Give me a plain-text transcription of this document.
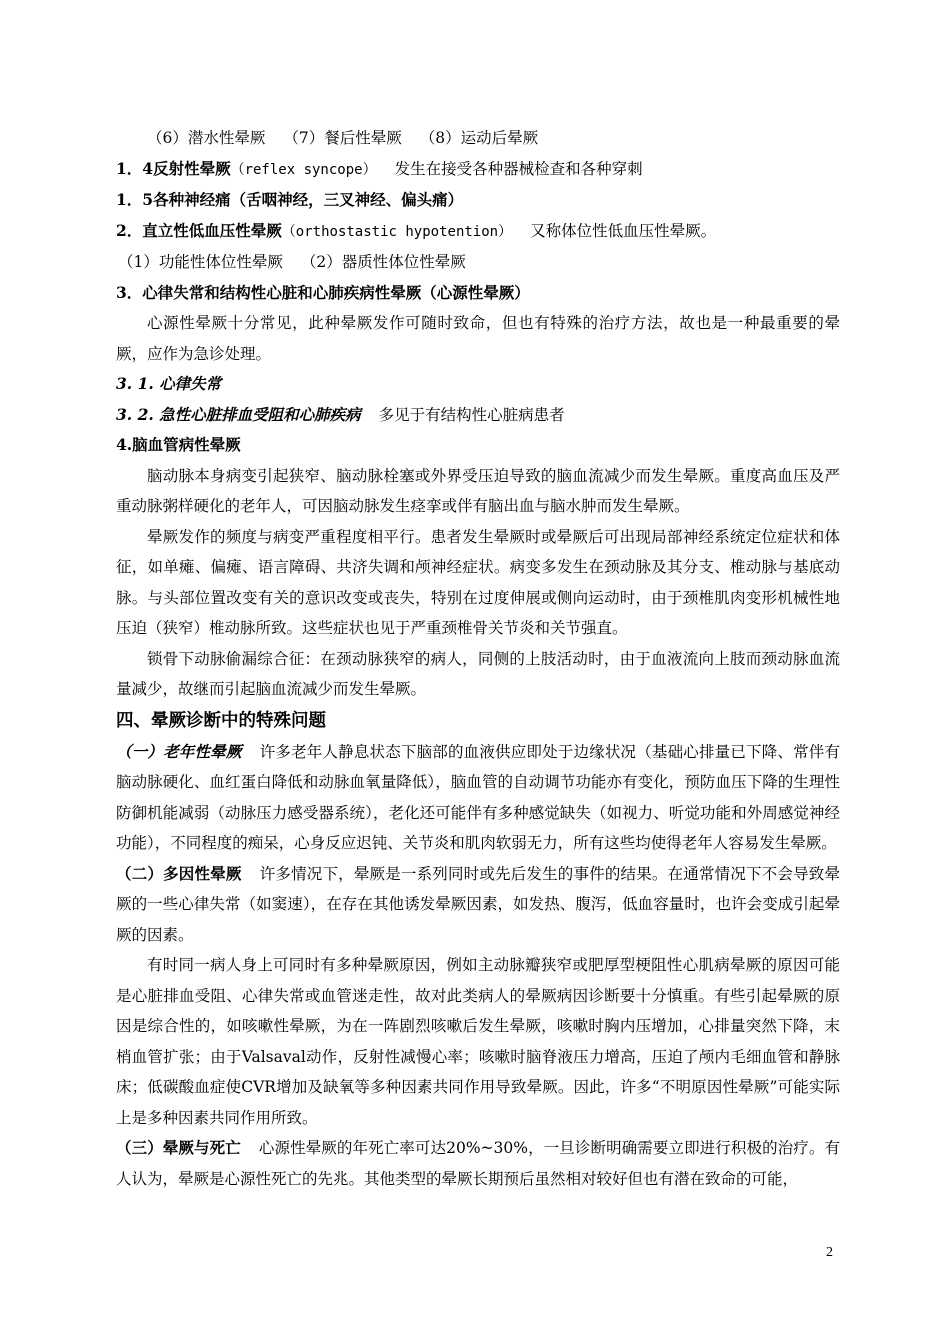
（6）潜水性晕厥 （7）餐后性晕厥 （8）运动后晕厥

1．4反射性晕厥（reflex syncope） 发生在接受各种器械检查和各种穿刺

1．5各种神经痛（舌咽神经，三叉神经、偏头痛）

2．直立性低血压性晕厥（orthostastic hypotention） 又称体位性低血压性晕厥。

（1）功能性体位性晕厥 （2）器质性体位性晕厥

3．心律失常和结构性心脏和心肺疾病性晕厥（心源性晕厥）

心源性晕厥十分常见，此种晕厥发作可随时致命，但也有特殊的治疗方法，故也是一种最重要的晕厥，应作为急诊处理。

3. 1. 心律失常

3. 2. 急性心脏排血受阻和心肺疾病 多见于有结构性心脏病患者

4.脑血管病性晕厥

脑动脉本身病变引起狭窄、脑动脉栓塞或外界受压迫导致的脑血流减少而发生晕厥。重度高血压及严重动脉粥样硬化的老年人，可因脑动脉发生痉挛或伴有脑出血与脑水肿而发生晕厥。

晕厥发作的频度与病变严重程度相平行。患者发生晕厥时或晕厥后可出现局部神经系统定位症状和体征，如单瘫、偏瘫、语言障碍、共济失调和颅神经症状。病变多发生在颈动脉及其分支、椎动脉与基底动脉。与头部位置改变有关的意识改变或丧失，特别在过度伸展或侧向运动时，由于颈椎肌肉变形机械性地压迫（狭窄）椎动脉所致。这些症状也见于严重颈椎骨关节炎和关节强直。

锁骨下动脉偷漏综合征：在颈动脉狭窄的病人，同侧的上肢活动时，由于血液流向上肢而颈动脉血流量减少，故继而引起脑血流减少而发生晕厥。

四、晕厥诊断中的特殊问题

（一）老年性晕厥 许多老年人静息状态下脑部的血液供应即处于边缘状况（基础心排量已下降、常伴有脑动脉硬化、血红蛋白降低和动脉血氧量降低），脑血管的自动调节功能亦有变化，预防血压下降的生理性防御机能减弱（动脉压力感受器系统），老化还可能伴有多种感觉缺失（如视力、听觉功能和外周感觉神经功能），不同程度的痴呆，心身反应迟钝、关节炎和肌肉软弱无力，所有这些均使得老年人容易发生晕厥。

（二）多因性晕厥 许多情况下，晕厥是一系列同时或先后发生的事件的结果。在通常情况下不会导致晕厥的一些心律失常（如窦速），在存在其他诱发晕厥因素，如发热、腹泻，低血容量时，也许会变成引起晕厥的因素。

有时同一病人身上可同时有多种晕厥原因，例如主动脉瓣狭窄或肥厚型梗阻性心肌病晕厥的原因可能是心脏排血受阻、心律失常或血管迷走性，故对此类病人的晕厥病因诊断要十分慎重。有些引起晕厥的原因是综合性的，如咳嗽性晕厥，为在一阵剧烈咳嗽后发生晕厥，咳嗽时胸内压增加，心排量突然下降，末梢血管扩张；由于Valsaval动作，反射性减慢心率；咳嗽时脑脊液压力增高，压迫了颅内毛细血管和静脉床；低碳酸血症使CVR增加及缺氧等多种因素共同作用导致晕厥。因此，许多“不明原因性晕厥”可能实际上是多种因素共同作用所致。

（三）晕厥与死亡 心源性晕厥的年死亡率可达20%~30%，一旦诊断明确需要立即进行积极的治疗。有人认为，晕厥是心源性死亡的先兆。其他类型的晕厥长期预后虽然相对较好但也有潜在致命的可能，

2
